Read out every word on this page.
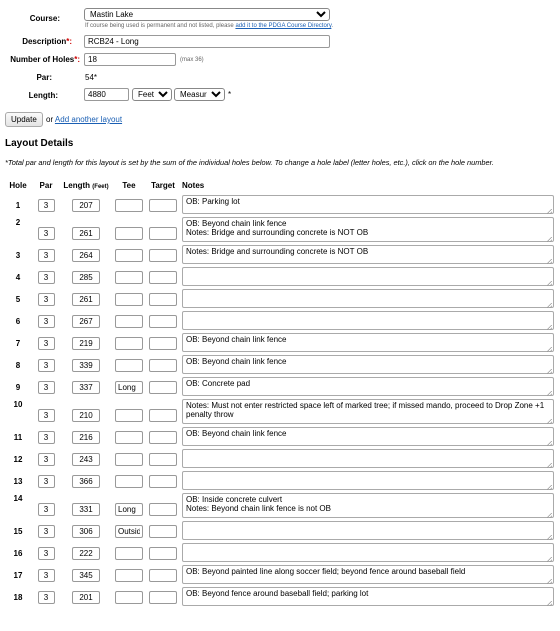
Course:
Mastin Lake
If course being used is permanent and not listed, please add it to the PDGA Course Directory.
Description*:
RCB24 - Long
Number of Holes*:
18	(max 36)
Par:	54*
Length:
4880
Feet
Measured	*
Update	or Add another layout
Layout Details
*Total par and length for this layout is set by the sum of the individual holes below. To change a hole label (letter holes, etc.), click on the hole number.
Hole	Par	Length (Feet)	Tee	Target	Notes
1	3	207			OB: Parking lot

2	3	261			OB: Beyond chain link fence Notes: Bridge and surrounding concrete is NOT OB

3	3	264			Notes: Bridge and surrounding concrete is NOT OB

4	3	285			

5	3	261			

6	3	267			

7	3	219			OB: Beyond chain link fence

8	3	339			OB: Beyond chain link fence

9	3	337	Long		OB: Concrete pad

10	3	210			Notes: Must not enter restricted space left of marked tree; if missed mando, proceed to Drop Zone +1 penalty throw

11	3	216			OB: Beyond chain link fence

12	3	243			

13	3	366			

14	3	331	Long		OB: Inside concrete culvert Notes: Beyond chain link fence is not OB

15	3	306	Outside		

16	3	222			

17	3	345			OB: Beyond painted line along soccer field; beyond fence around baseball field

18	3	201			OB: Beyond fence around baseball field; parking lot
